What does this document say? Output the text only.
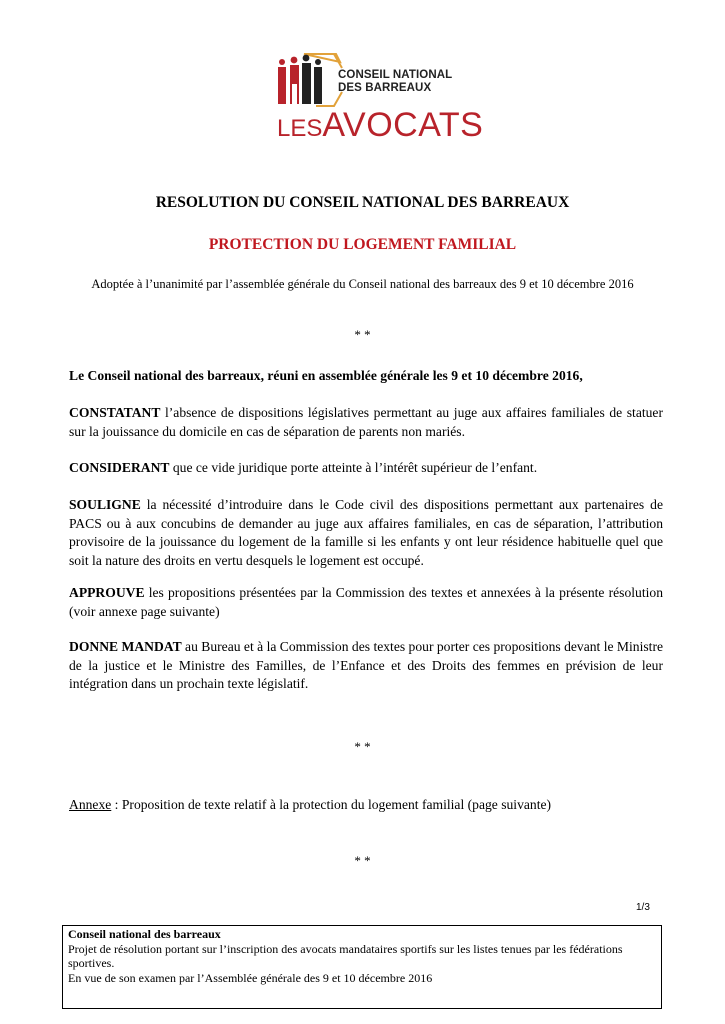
CONSEIL NATIONAL
DES BARREAUX
LESAVOCATS
RESOLUTION DU CONSEIL NATIONAL DES BARREAUX
PROTECTION DU LOGEMENT FAMILIAL
Adoptée à l’unanimité par l’assemblée générale du Conseil national des barreaux des 9 et 10 décembre 2016
* *
Le Conseil national des barreaux, réuni en assemblée générale les 9 et 10 décembre 2016,
CONSTATANT l’absence de dispositions législatives permettant au juge aux affaires familiales de statuer sur la jouissance du domicile en cas de séparation de parents non mariés.
CONSIDERANT que ce vide juridique porte atteinte à l’intérêt supérieur de l’enfant.
SOULIGNE la nécessité d’introduire dans le Code civil des dispositions permettant aux partenaires de PACS ou à aux concubins de demander au juge aux affaires familiales, en cas de séparation, l’attribution provisoire de la jouissance du logement de la famille si les enfants y ont leur résidence habituelle quel que soit la nature des droits en vertu desquels le logement est occupé.
APPROUVE les propositions présentées par la Commission des textes et annexées à la présente résolution (voir annexe page suivante)
DONNE MANDAT au Bureau et à la Commission des textes pour porter ces propositions devant le Ministre de la justice et le Ministre des Familles, de l’Enfance et des Droits des femmes en prévision de leur intégration dans un prochain texte législatif.
* *
Annexe : Proposition de texte relatif à la protection du logement familial (page suivante)
* *
1/3
Conseil national des barreaux
Projet de résolution portant sur l’inscription des avocats mandataires sportifs sur les listes tenues par les fédérations sportives.
En vue de son examen par l’Assemblée générale des 9 et 10 décembre 2016
